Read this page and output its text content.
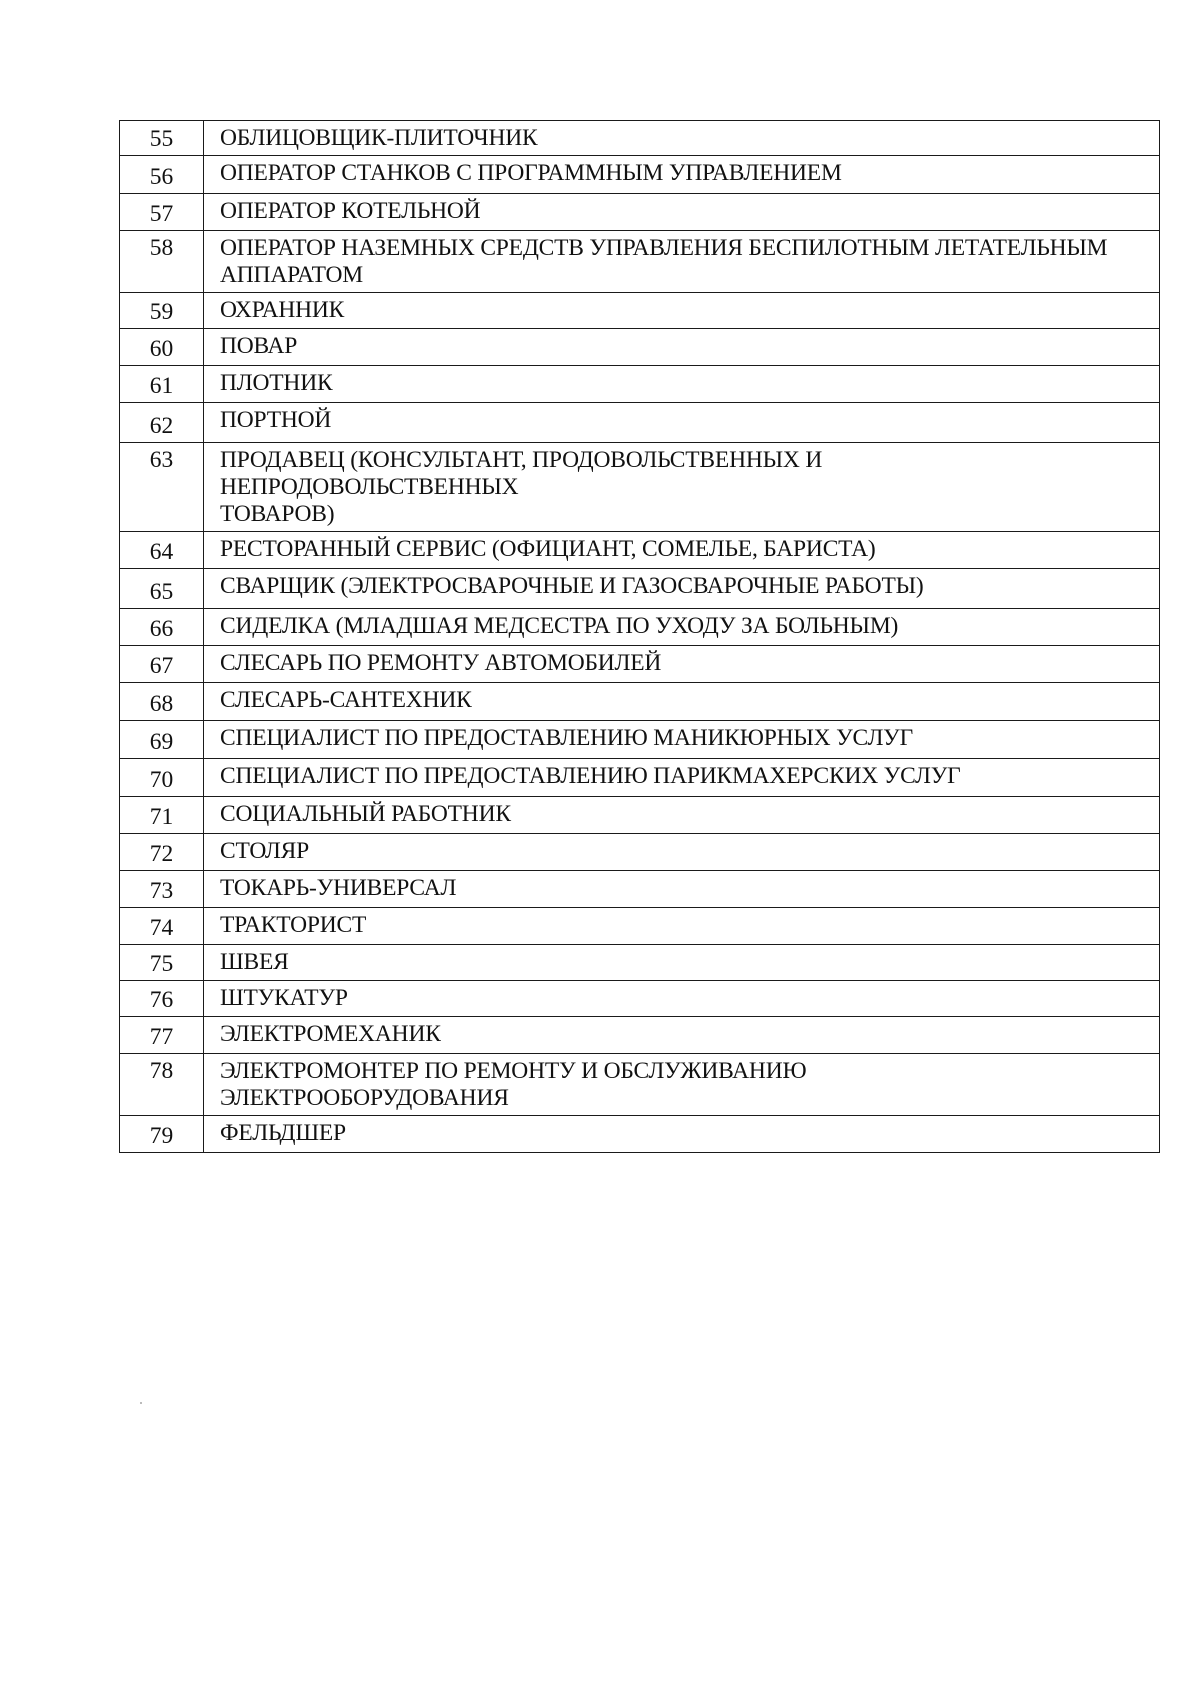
55	ОБЛИЦОВЩИК-ПЛИТОЧНИК
56	ОПЕРАТОР СТАНКОВ С ПРОГРАММНЫМ УПРАВЛЕНИЕМ
57	ОПЕРАТОР КОТЕЛЬНОЙ
58	ОПЕРАТОР НАЗЕМНЫХ СРЕДСТВ УПРАВЛЕНИЯ БЕСПИЛОТНЫМ ЛЕТАТЕЛЬНЫМ
АППАРАТОМ
59	ОХРАННИК
60	ПОВАР
61	ПЛОТНИК
62	ПОРТНОЙ
63	ПРОДАВЕЦ (КОНСУЛЬТАНТ, ПРОДОВОЛЬСТВЕННЫХ И
НЕПРОДОВОЛЬСТВЕННЫХ
ТОВАРОВ)
64	РЕСТОРАННЫЙ СЕРВИС (ОФИЦИАНТ, СОМЕЛЬЕ, БАРИСТА)
65	СВАРЩИК (ЭЛЕКТРОСВАРОЧНЫЕ И ГАЗОСВАРОЧНЫЕ РАБОТЫ)
66	СИДЕЛКА (МЛАДШАЯ МЕДСЕСТРА ПО УХОДУ ЗА БОЛЬНЫМ)
67	СЛЕСАРЬ ПО РЕМОНТУ АВТОМОБИЛЕЙ
68	СЛЕСАРЬ-САНТЕХНИК
69	СПЕЦИАЛИСТ ПО ПРЕДОСТАВЛЕНИЮ МАНИКЮРНЫХ УСЛУГ
70	СПЕЦИАЛИСТ ПО ПРЕДОСТАВЛЕНИЮ ПАРИКМАХЕРСКИХ УСЛУГ
71	СОЦИАЛЬНЫЙ РАБОТНИК
72	СТОЛЯР
73	ТОКАРЬ-УНИВЕРСАЛ
74	ТРАКТОРИСТ
75	ШВЕЯ
76	ШТУКАТУР
77	ЭЛЕКТРОМЕХАНИК
78	ЭЛЕКТРОМОНТЕР ПО РЕМОНТУ И ОБСЛУЖИВАНИЮ
ЭЛЕКТРООБОРУДОВАНИЯ
79	ФЕЛЬДШЕР
